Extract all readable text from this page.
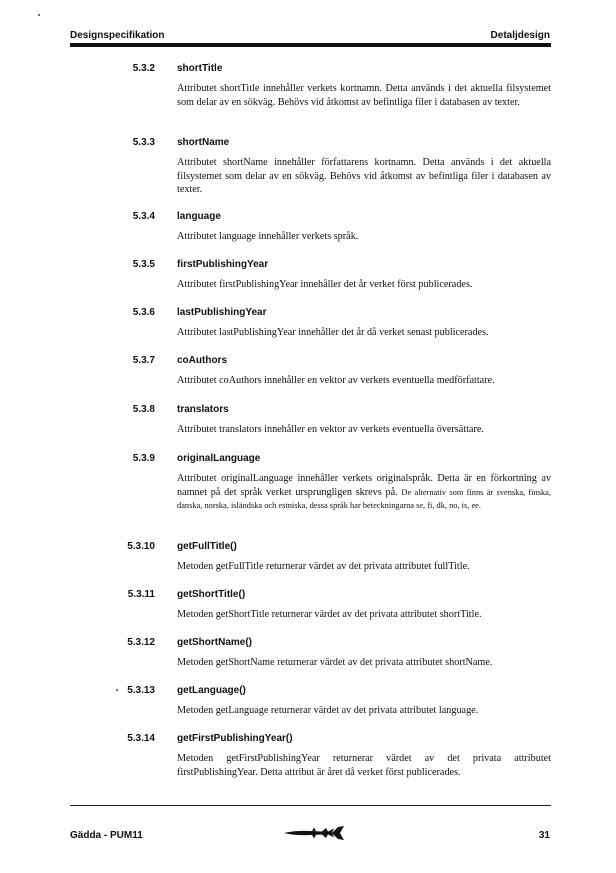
Designspecifikation	Detaljdesign
5.3.2 shortTitle
Attributet shortTitle innehåller verkets kortnamn. Detta används i det aktuella filsystemet som delar av en sökväg. Behövs vid åtkomst av befintliga filer i databasen av texter.
5.3.3 shortName
Attributet shortName innehåller författarens kortnamn. Detta används i det aktuella filsystemet som delar av en sökväg. Behövs vid åtkomst av befintliga filer i databasen av texter.
5.3.4 language
Attributet language innehåller verkets språk.
5.3.5 firstPublishingYear
Attributet firstPublishingYear innehåller det år verket först publicerades.
5.3.6 lastPublishingYear
Attributet lastPublishingYear innehåller det år då verket senast publicerades.
5.3.7 coAuthors
Attributet coAuthors innehåller en vektor av verkets eventuella medförfattare.
5.3.8 translators
Attributet translators innehåller en vektor av verkets eventuella översättare.
5.3.9 originalLanguage
Attributet originalLanguage innehåller verkets originalspråk. Detta är en förkortning av namnet på det språk verket ursprungligen skrevs på. De alternativ som finns är svenska, finska, danska, norska, isländska och estniska, dessa språk har beteckningarna se, fi, dk, no, is, ee.
5.3.10 getFullTitle()
Metoden getFullTitle returnerar värdet av det privata attributet fullTitle.
5.3.11 getShortTitle()
Metoden getShortTitle returnerar värdet av det privata attributet shortTitle.
5.3.12 getShortName()
Metoden getShortName returnerar värdet av det privata attributet shortName.
5.3.13 getLanguage()
Metoden getLanguage returnerar värdet av det privata attributet language.
5.3.14 getFirstPublishingYear()
Metoden getFirstPublishingYear returnerar värdet av det privata attributet firstPublishingYear. Detta attribut är året då verket först publicerades.
Gädda - PUM11	31
